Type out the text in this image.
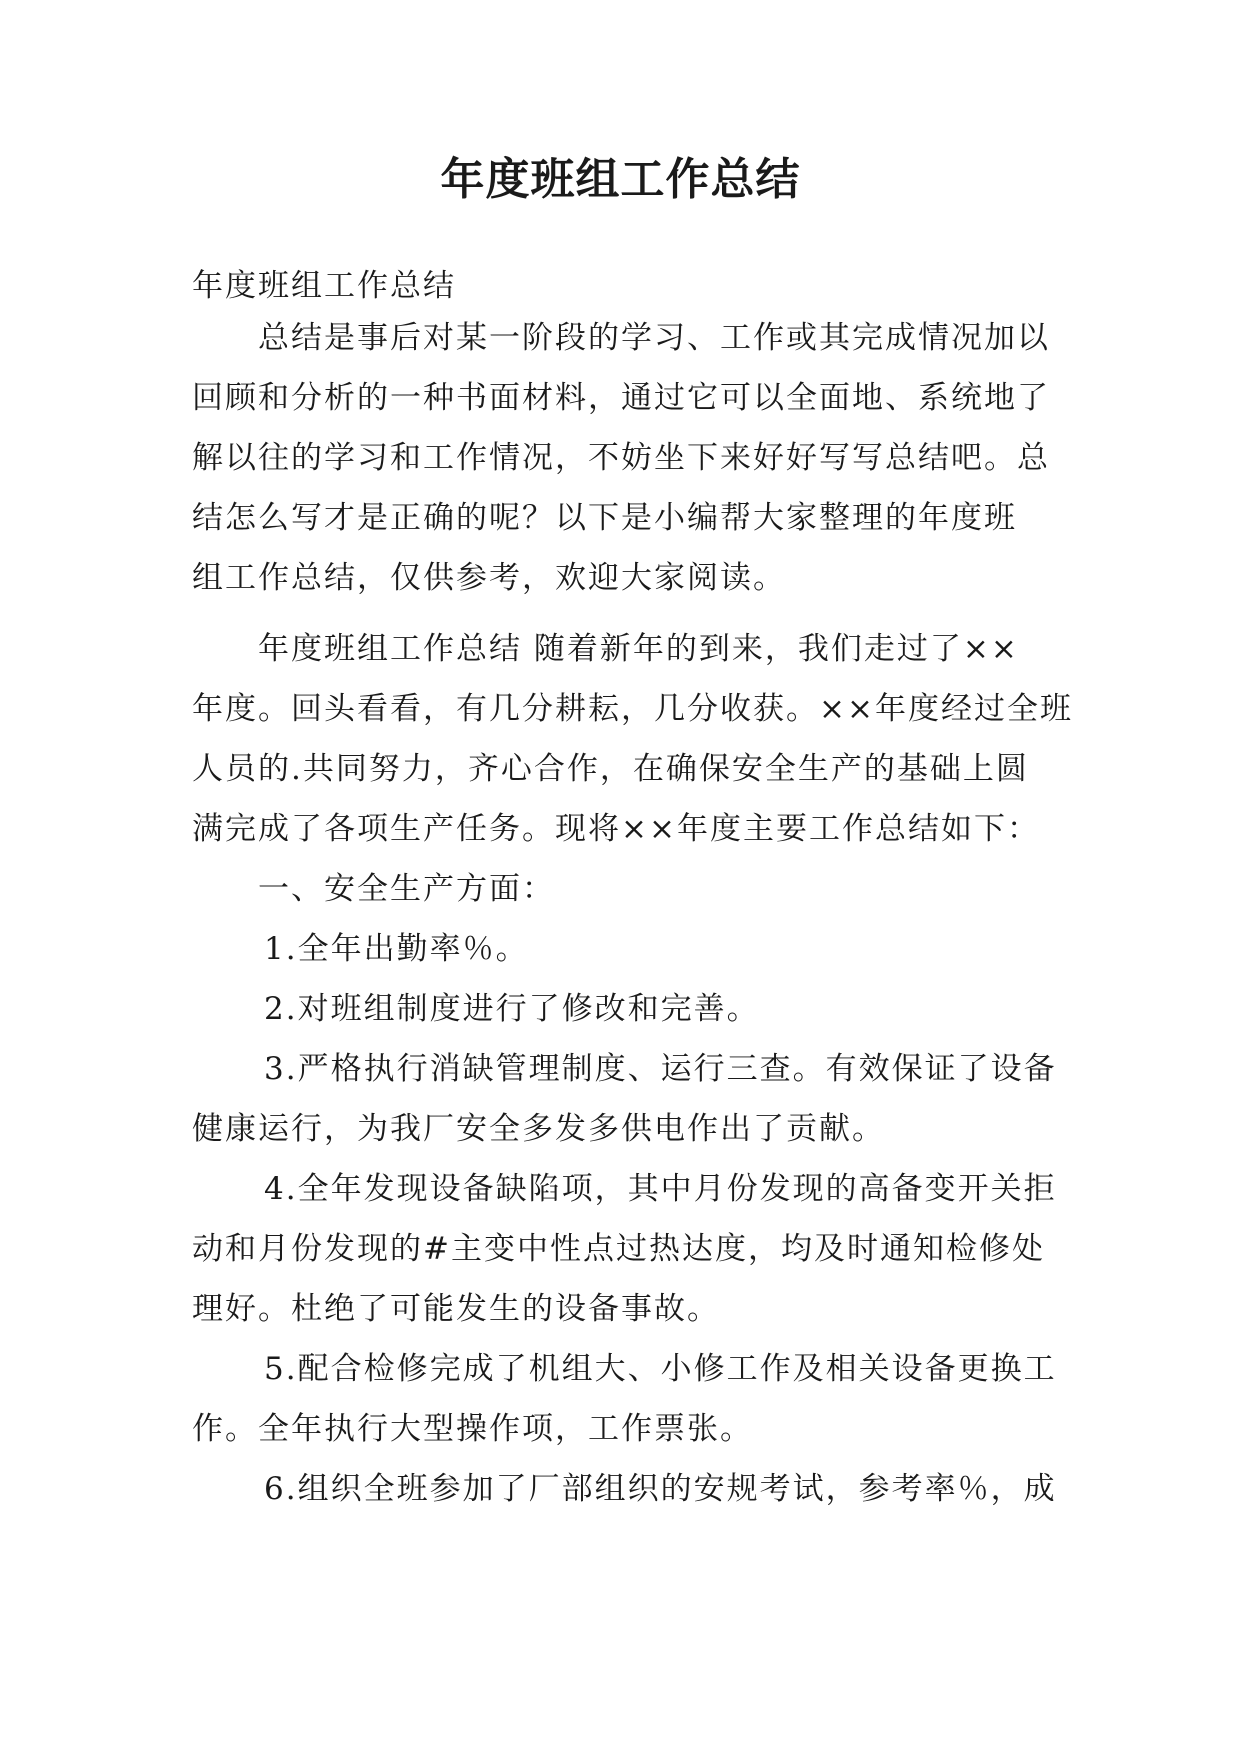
年度班组工作总结

年度班组工作总结

总结是事后对某一阶段的学习、工作或其完成情况加以

回顾和分析的一种书面材料，通过它可以全面地、系统地了

解以往的学习和工作情况，不妨坐下来好好写写总结吧。总

结怎么写才是正确的呢？以下是小编帮大家整理的年度班

组工作总结，仅供参考，欢迎大家阅读。

年度班组工作总结 随着新年的到来，我们走过了××

年度。回头看看，有几分耕耘，几分收获。××年度经过全班

人员的.共同努力，齐心合作，在确保安全生产的基础上圆

满完成了各项生产任务。现将××年度主要工作总结如下：

一、安全生产方面：

1.全年出勤率％。

2.对班组制度进行了修改和完善。

3.严格执行消缺管理制度、运行三查。有效保证了设备

健康运行，为我厂安全多发多供电作出了贡献。

4.全年发现设备缺陷项，其中月份发现的高备变开关拒

动和月份发现的#主变中性点过热达度，均及时通知检修处

理好。杜绝了可能发生的设备事故。

5.配合检修完成了机组大、小修工作及相关设备更换工

作。全年执行大型操作项，工作票张。

6.组织全班参加了厂部组织的安规考试，参考率％，成
